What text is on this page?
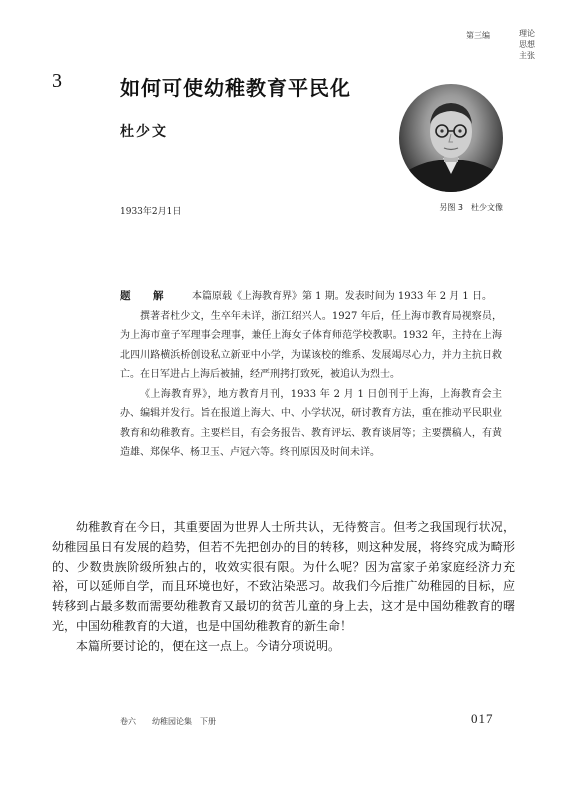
第三编	理论
思想
主张
3	如何可使幼稚教育平民化
杜少文
1933年2月1日	另图 3　杜少文像
题　解	本篇原载《上海教育界》第 1 期。发表时间为 1933 年 2 月 1 日。

撰著者杜少文，生卒年未详，浙江绍兴人。1927 年后，任上海市教育局视察员，为上海市童子军理事会理事，兼任上海女子体育师范学校教职。1932 年，主持在上海北四川路横浜桥创设私立新亚中小学，为谋该校的维系、发展竭尽心力，并力主抗日救亡。在日军进占上海后被捕，经严刑拷打致死，被追认为烈士。

《上海教育界》，地方教育月刊，1933 年 2 月 1 日创刊于上海，上海教育会主办、编辑并发行。旨在报道上海大、中、小学状况，研讨教育方法，重在推动平民职业教育和幼稚教育。主要栏目，有会务报告、教育评坛、教育谈屑等；主要撰稿人，有黄造雄、郑保华、杨卫玉、卢冠六等。终刊原因及时间未详。

幼稚教育在今日，其重要固为世界人士所共认，无待赘言。但考之我国现行状况，幼稚园虽日有发展的趋势，但若不先把创办的目的转移，则这种发展，将终究成为畸形的、少数贵族阶级所独占的，收效实很有限。为什么呢？因为富家子弟家庭经济力充裕，可以延师自学，而且环境也好，不致沾染恶习。故我们今后推广幼稚园的目标，应转移到占最多数而需要幼稚教育又最切的贫苦儿童的身上去，这才是中国幼稚教育的曙光，中国幼稚教育的大道，也是中国幼稚教育的新生命！

本篇所要讨论的，便在这一点上。今请分项说明。

卷六 幼稚园论集　下册	017
